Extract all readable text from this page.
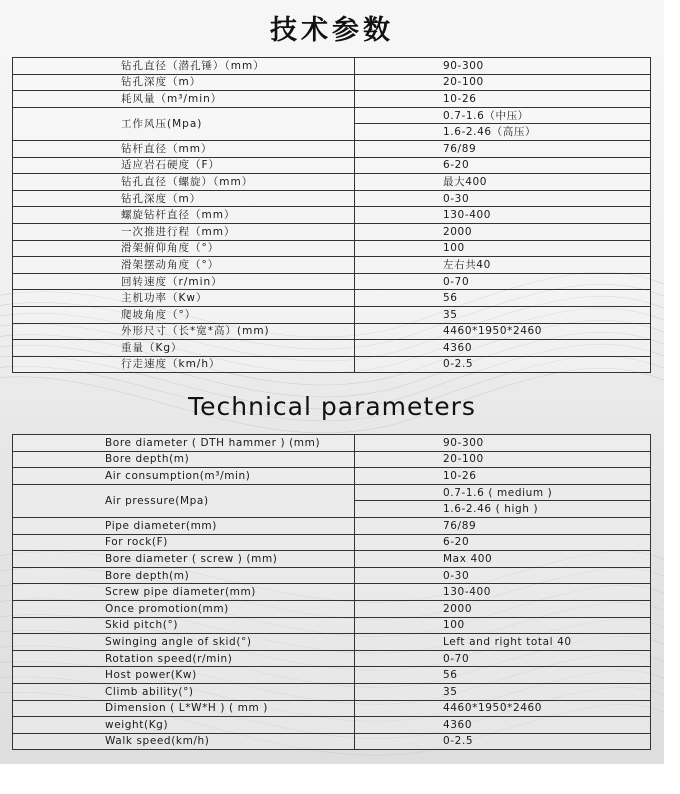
技术参数
钻孔直径（潜孔锤）（mm）	90-300
钻孔深度（m）	20-100
耗风量（m³/min）	10-26
工作风压(Mpa)	0.7-1.6（中压）
	1.6-2.46（高压）
钻杆直径（mm）	76/89
适应岩石硬度（F）	6-20
钻孔直径（螺旋）（mm）	最大400
钻孔深度（m）	0-30
螺旋钻杆直径（mm）	130-400
一次推进行程（mm）	2000
滑架俯仰角度（°）	100
滑架摆动角度（°）	左右共40
回转速度（r/min）	0-70
主机功率（Kw）	56
爬坡角度（°）	35
外形尺寸（长*宽*高）(mm)	4460*1950*2460
重量（Kg）	4360
行走速度（km/h）	0-2.5
Technical parameters
Bore diameter ( DTH hammer ) (mm)	90-300
Bore depth(m)	20-100
Air consumption(m³/min)	10-26
Air pressure(Mpa)	0.7-1.6 ( medium )
	1.6-2.46 ( high )
Pipe diameter(mm)	76/89
For rock(F)	6-20
Bore diameter ( screw ) (mm)	Max 400
Bore depth(m)	0-30
Screw pipe diameter(mm)	130-400
Once promotion(mm)	2000
Skid pitch(°)	100
Swinging angle of skid(°)	Left and right total 40
Rotation speed(r/min)	0-70
Host power(Kw)	56
Climb ability(°)	35
Dimension ( L*W*H ) ( mm )	4460*1950*2460
weight(Kg)	4360
Walk speed(km/h)	0-2.5
